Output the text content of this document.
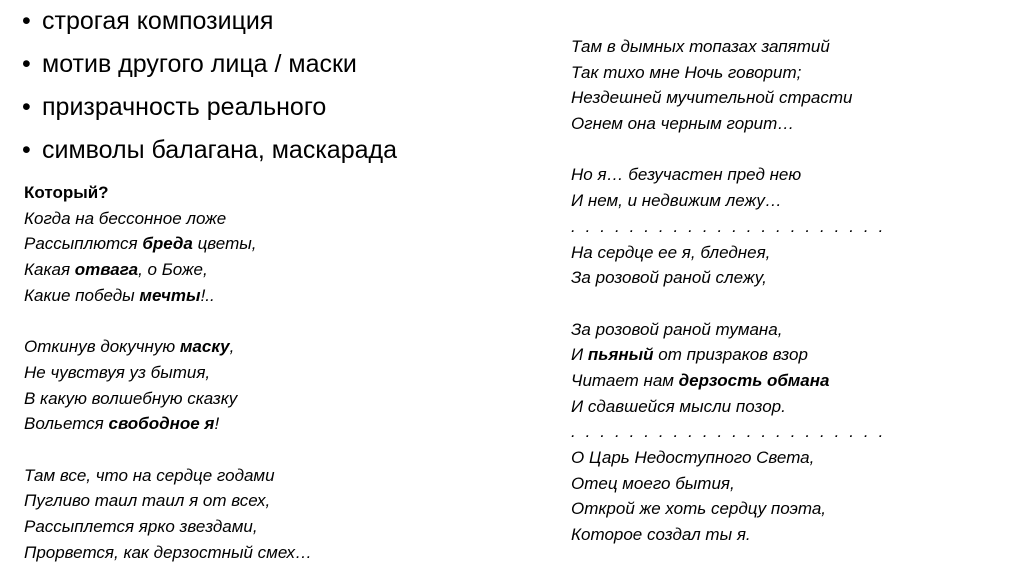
• строгая композиция
• мотив другого лица / маски
• призрачность реального
• символы балагана, маскарада
Который?
Когда на бессонное ложе
Рассыплются бреда цветы,
Какая отвага, о Боже,
Какие победы мечты!..
Откинув докучную маску,
Не чувствуя уз бытия,
В какую волшебную сказку
Вольется свободное я!
Там все, что на сердце годами
Пугливо таил таил я от всех,
Рассыплется ярко звездами,
Прорвется, как дерзостный смех…
Там в дымных топазах запятий
Так тихо мне Ночь говорит;
Нездешней мучительной страсти
Огнем она черным горит…
Но я… безучастен пред нею
И нем, и недвижим лежу…
. . . . . . . . . . . . . . . . . . . . . .
На сердце ее я, бледнея,
За розовой раной слежу,
За розовой раной тумана,
И пьяный от призраков взор
Читает нам дерзость обмана
И сдавшейся мысли позор.
. . . . . . . . . . . . . . . . . . . . . .
О Царь Недоступного Света,
Отец моего бытия,
Открой же хоть сердцу поэта,
Которое создал ты я.
